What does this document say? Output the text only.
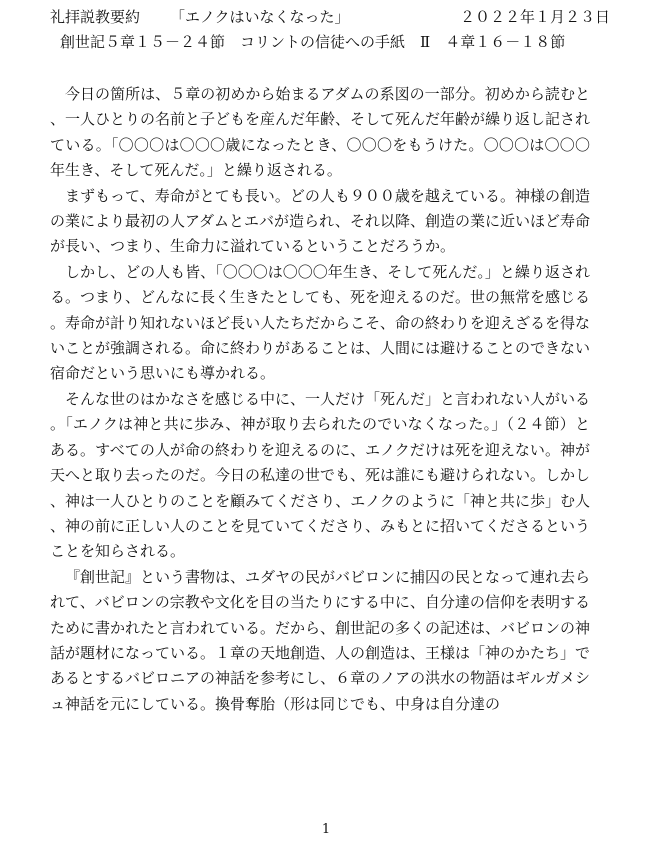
礼拝説教要約 「エノクはいなくなった」	２０２２年１月２３日
創世記５章１５－２４節　コリントの信徒への手紙　Ⅱ　４章１６－１８節

今日の箇所は、５章の初めから始まるアダムの系図の一部分。初めから読むと、一人ひとりの名前と子どもを産んだ年齢、そして死んだ年齢が繰り返し記されている。「〇〇〇は〇〇〇歳になったとき、〇〇〇をもうけた。〇〇〇は〇〇〇年生き、そして死んだ。」と繰り返される。

まずもって、寿命がとても長い。どの人も９００歳を越えている。神様の創造の業により最初の人アダムとエバが造られ、それ以降、創造の業に近いほど寿命が長い、つまり、生命力に溢れているということだろうか。

しかし、どの人も皆、「〇〇〇は〇〇〇年生き、そして死んだ。」と繰り返される。つまり、どんなに長く生きたとしても、死を迎えるのだ。世の無常を感じる。寿命が計り知れないほど長い人たちだからこそ、命の終わりを迎えざるを得ないことが強調される。命に終わりがあることは、人間には避けることのできない宿命だという思いにも導かれる。

そんな世のはかなさを感じる中に、一人だけ「死んだ」と言われない人がいる。「エノクは神と共に歩み、神が取り去られたのでいなくなった。」（２４節）とある。すべての人が命の終わりを迎えるのに、エノクだけは死を迎えない。神が天へと取り去ったのだ。今日の私達の世でも、死は誰にも避けられない。しかし、神は一人ひとりのことを顧みてくださり、エノクのように「神と共に歩」む人、神の前に正しい人のことを見ていてくださり、みもとに招いてくださるということを知らされる。

『創世記』という書物は、ユダヤの民がバビロンに捕囚の民となって連れ去られて、バビロンの宗教や文化を目の当たりにする中に、自分達の信仰を表明するために書かれたと言われている。だから、創世記の多くの記述は、バビロンの神話が題材になっている。１章の天地創造、人の創造は、王様は「神のかたち」であるとするバビロニアの神話を参考にし、６章のノアの洪水の物語はギルガメシュ神話を元にしている。換骨奪胎（形は同じでも、中身は自分達の

1
